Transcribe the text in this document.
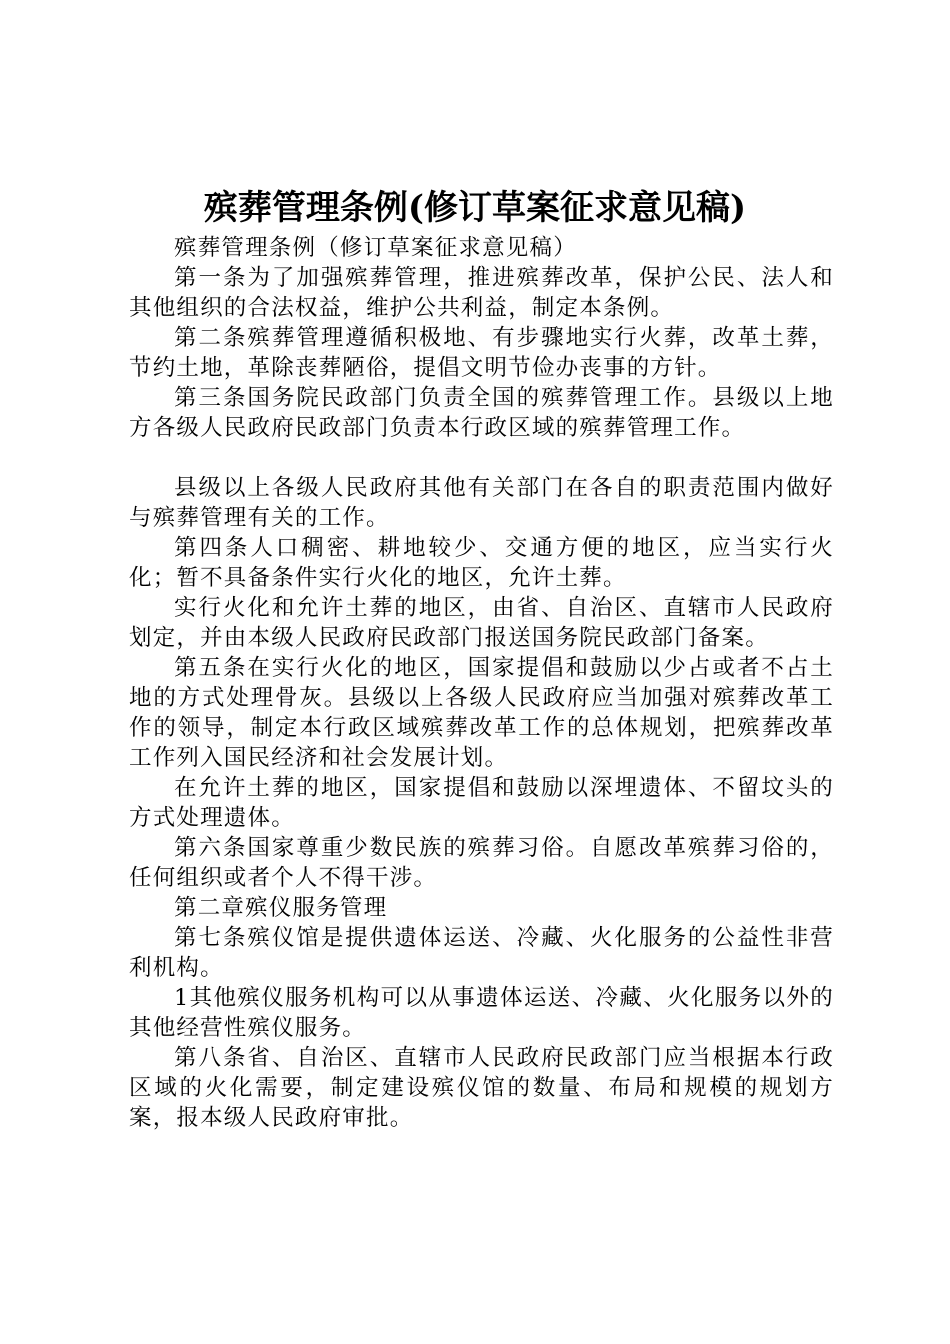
殡葬管理条例(修订草案征求意见稿)

殡葬管理条例（修订草案征求意见稿）

第一条为了加强殡葬管理，推进殡葬改革，保护公民、法人和其他组织的合法权益，维护公共利益，制定本条例。

第二条殡葬管理遵循积极地、有步骤地实行火葬，改革土葬，节约土地，革除丧葬陋俗，提倡文明节俭办丧事的方针。

第三条国务院民政部门负责全国的殡葬管理工作。县级以上地方各级人民政府民政部门负责本行政区域的殡葬管理工作。

县级以上各级人民政府其他有关部门在各自的职责范围内做好与殡葬管理有关的工作。

第四条人口稠密、耕地较少、交通方便的地区，应当实行火化；暂不具备条件实行火化的地区，允许土葬。

实行火化和允许土葬的地区，由省、自治区、直辖市人民政府划定，并由本级人民政府民政部门报送国务院民政部门备案。

第五条在实行火化的地区，国家提倡和鼓励以少占或者不占土地的方式处理骨灰。县级以上各级人民政府应当加强对殡葬改革工作的领导，制定本行政区域殡葬改革工作的总体规划，把殡葬改革工作列入国民经济和社会发展计划。

在允许土葬的地区，国家提倡和鼓励以深埋遗体、不留坟头的方式处理遗体。

第六条国家尊重少数民族的殡葬习俗。自愿改革殡葬习俗的，任何组织或者个人不得干涉。

第二章殡仪服务管理

第七条殡仪馆是提供遗体运送、冷藏、火化服务的公益性非营利机构。

1其他殡仪服务机构可以从事遗体运送、冷藏、火化服务以外的其他经营性殡仪服务。

第八条省、自治区、直辖市人民政府民政部门应当根据本行政区域的火化需要，制定建设殡仪馆的数量、布局和规模的规划方案，报本级人民政府审批。
